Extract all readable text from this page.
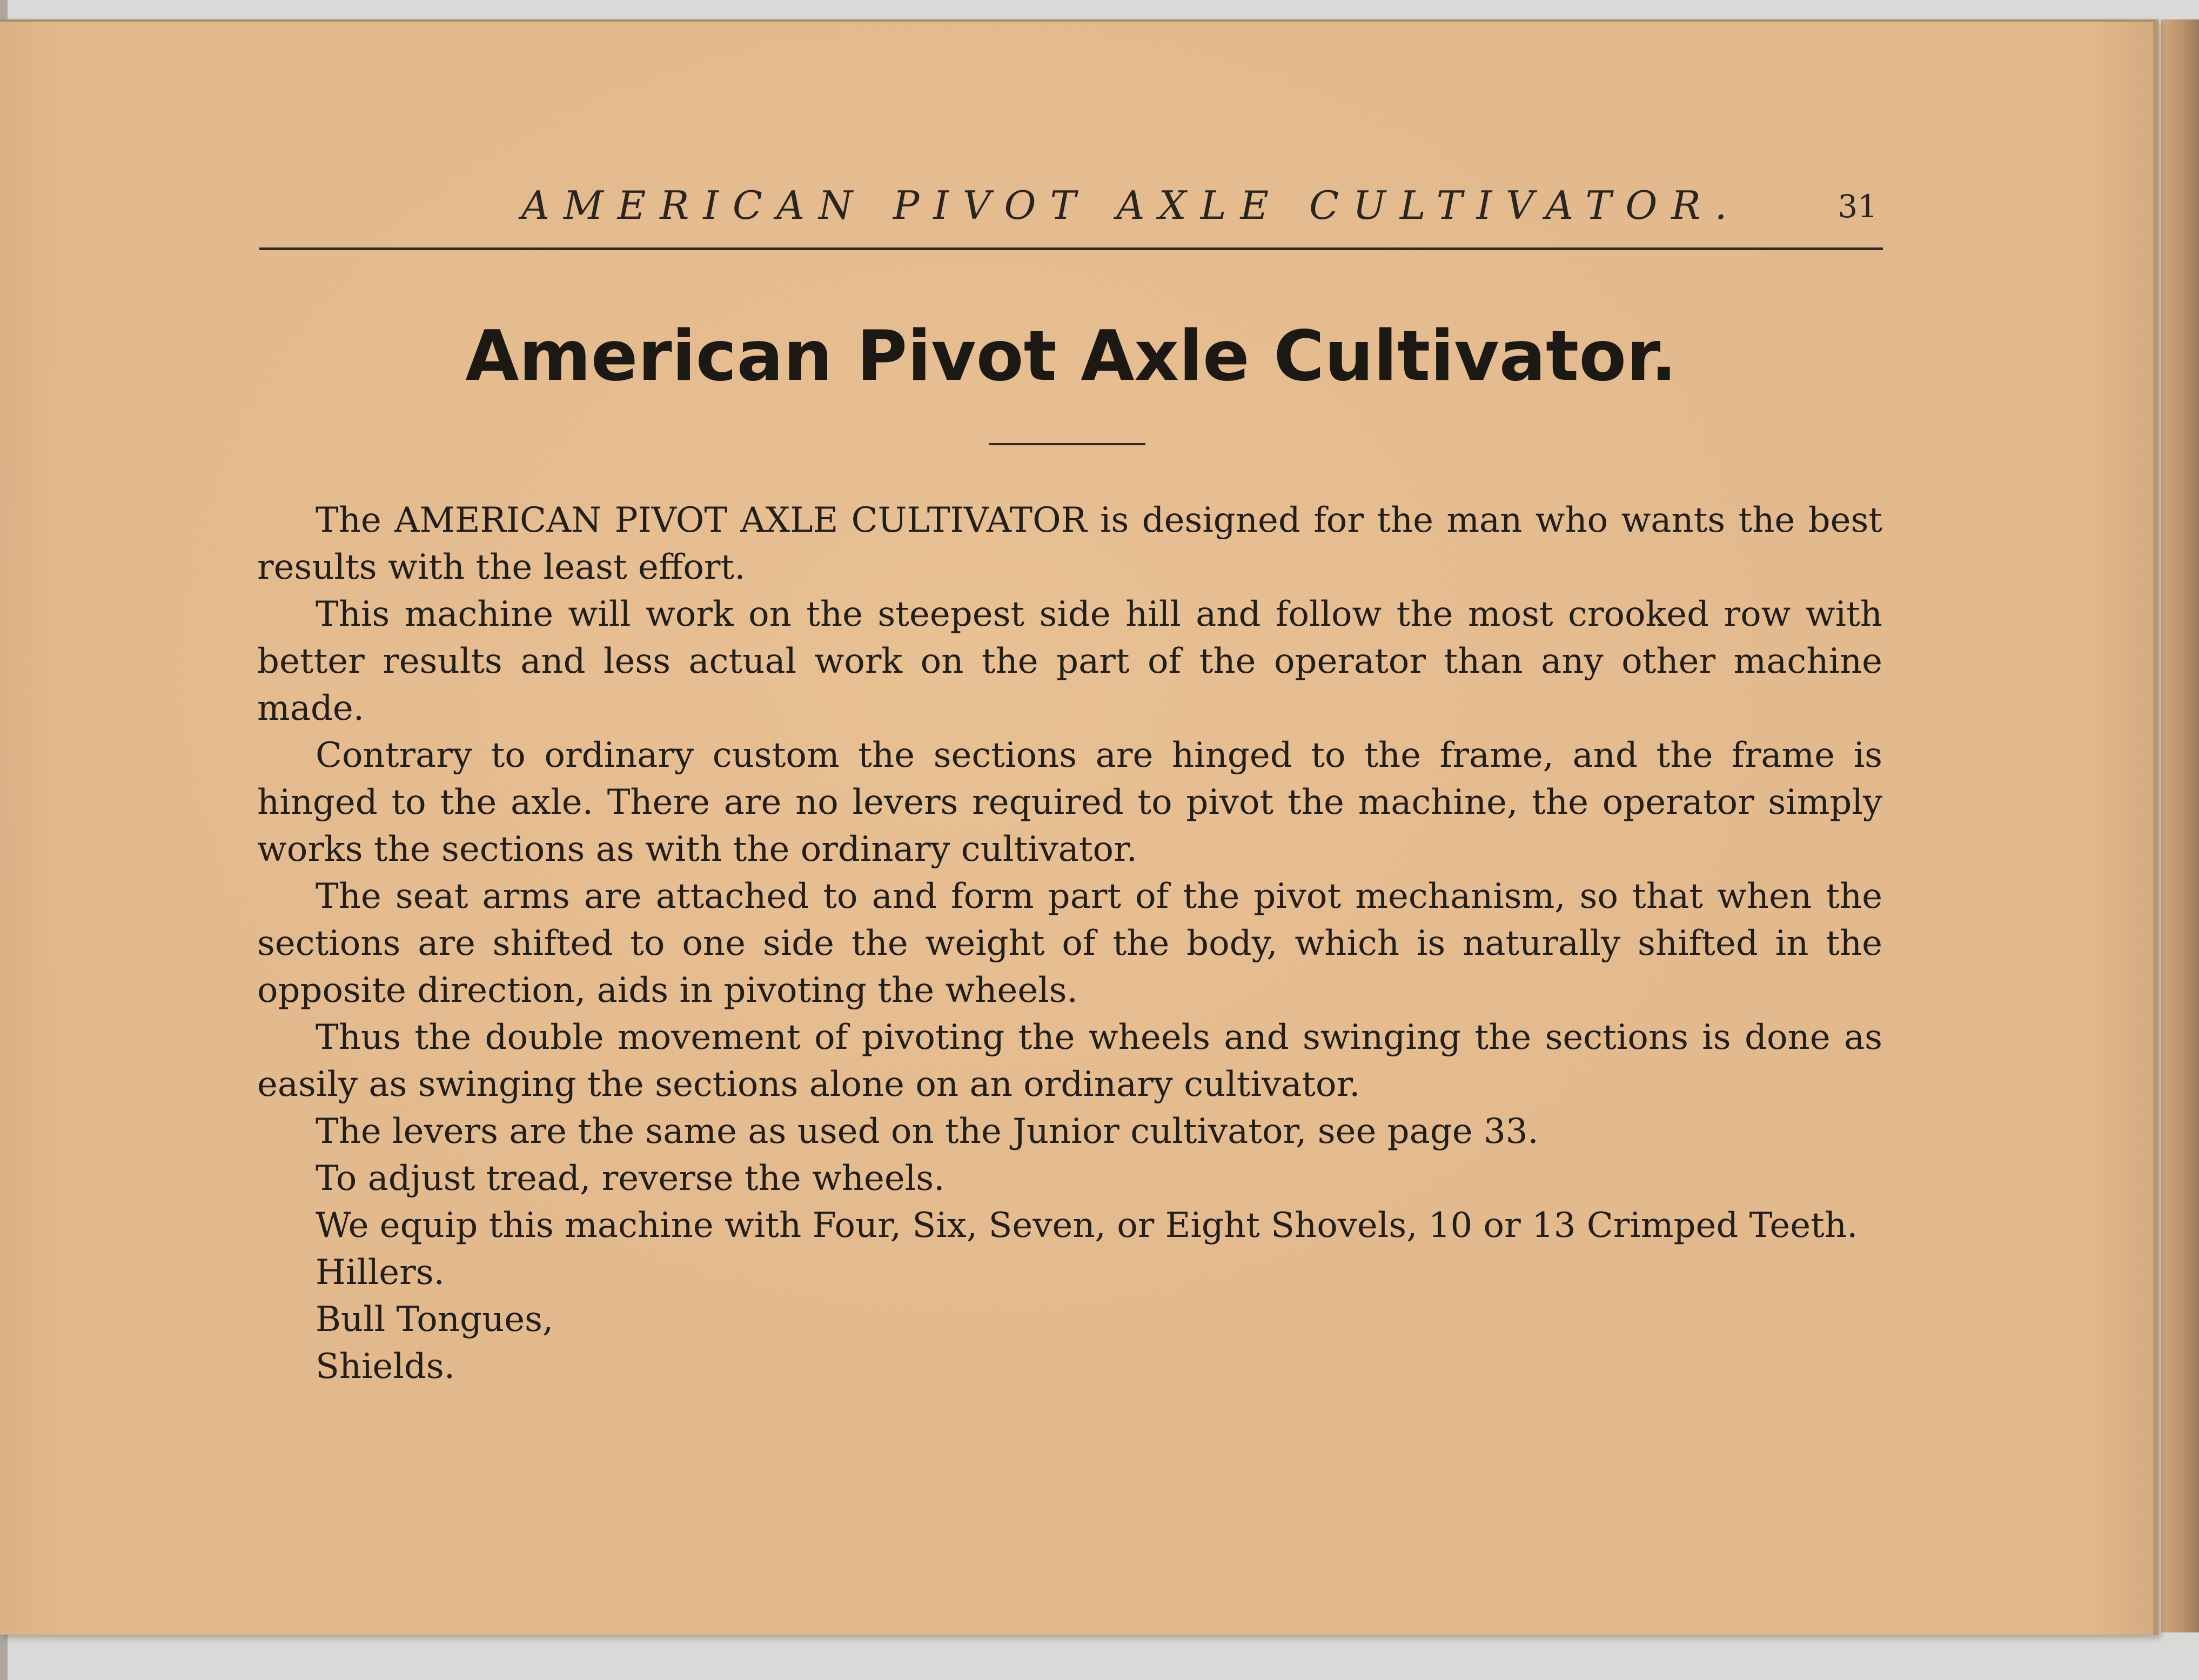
AMERICAN PIVOT AXLE CULTIVATOR.	31
American Pivot Axle Cultivator.

The AMERICAN PIVOT AXLE CULTIVATOR is designed for the man who wants the best results with the least effort.

This machine will work on the steepest side hill and follow the most crooked row with better results and less actual work on the part of the operator than any other machine made.

Contrary to ordinary custom the sections are hinged to the frame, and the frame is hinged to the axle. There are no levers required to pivot the machine, the operator simply works the sections as with the ordinary cultivator.

The seat arms are attached to and form part of the pivot mechanism, so that when the sections are shifted to one side the weight of the body, which is naturally shifted in the opposite direction, aids in pivoting the wheels.

Thus the double movement of pivoting the wheels and swinging the sections is done as easily as swinging the sections alone on an ordinary cultivator.

The levers are the same as used on the Junior cultivator, see page 33.

To adjust tread, reverse the wheels.

We equip this machine with Four, Six, Seven, or Eight Shovels, 10 or 13 Crimped Teeth.

Hillers.

Bull Tongues,

Shields.
